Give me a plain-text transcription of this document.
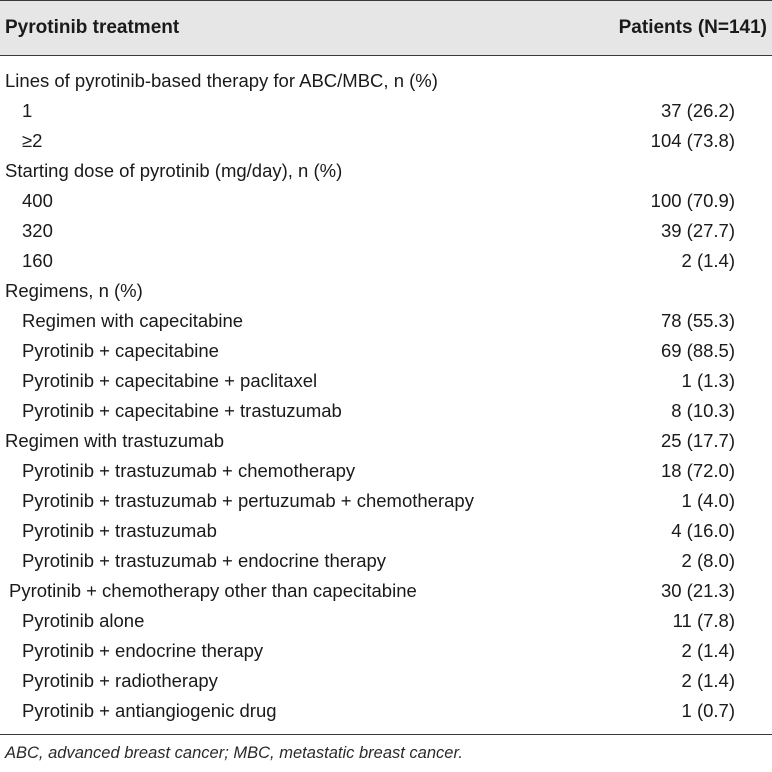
Pyrotinib treatment	Patients (N=141)
Lines of pyrotinib-based therapy for ABC/MBC, n (%)
1	37 (26.2)
≥2	104 (73.8)
Starting dose of pyrotinib (mg/day), n (%)
400	100 (70.9)
320	39 (27.7)
160	2 (1.4)
Regimens, n (%)
Regimen with capecitabine	78 (55.3)
Pyrotinib + capecitabine	69 (88.5)
Pyrotinib + capecitabine + paclitaxel	1 (1.3)
Pyrotinib + capecitabine + trastuzumab	8 (10.3)
Regimen with trastuzumab	25 (17.7)
Pyrotinib + trastuzumab + chemotherapy	18 (72.0)
Pyrotinib + trastuzumab + pertuzumab + chemotherapy	1 (4.0)
Pyrotinib + trastuzumab	4 (16.0)
Pyrotinib + trastuzumab + endocrine therapy	2 (8.0)
Pyrotinib + chemotherapy other than capecitabine	30 (21.3)
Pyrotinib alone	11 (7.8)
Pyrotinib + endocrine therapy	2 (1.4)
Pyrotinib + radiotherapy	2 (1.4)
Pyrotinib + antiangiogenic drug	1 (0.7)
ABC, advanced breast cancer; MBC, metastatic breast cancer.
